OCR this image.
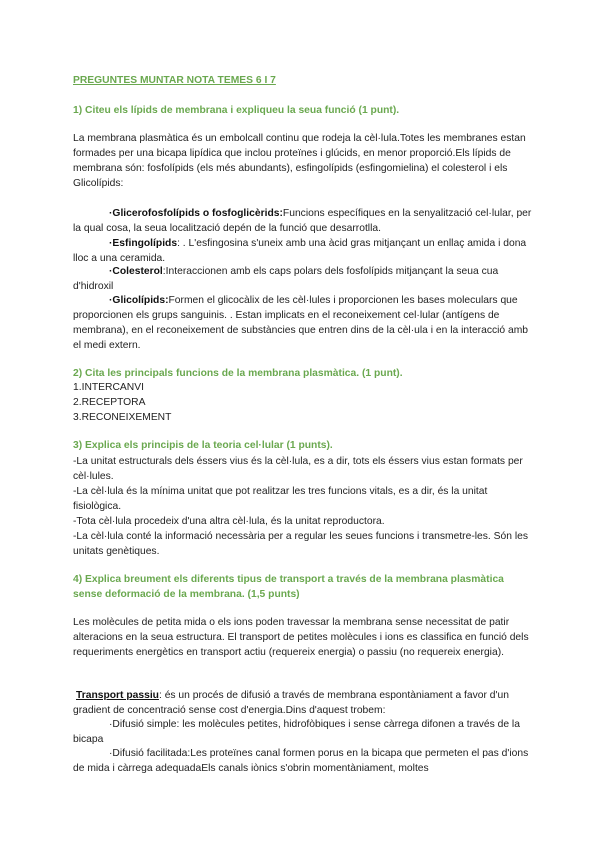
PREGUNTES MUNTAR NOTA TEMES 6 I 7

1) Citeu els lípids de membrana i expliqueu la seua funció (1 punt).

La membrana plasmàtica és un embolcall continu que rodeja la cèl·lula.Totes les membranes estan formades per una bicapa lipídica que inclou proteïnes i glúcids, en menor proporció.Els lípids de membrana són: fosfolípids (els més abundants), esfingolípids (esfingomielina) el colesterol i els Glicolípids:

·Glicerofosfolípids o fosfoglicèrids:Funcions específiques en la senyalització cel·lular, per la qual cosa, la seua localització depén de la funció que desarrotlla.

·Esfingolípids: . L'esfingosina s'uneix amb una àcid gras mitjançant un enllaç amida i dona lloc a una ceramida.

·Colesterol:Interaccionen amb els caps polars dels fosfolípids mitjançant la seua cua d'hidroxil

·Glicolípids:Formen el glicocàlix de les cèl·lules i proporcionen les bases moleculars que proporcionen els grups sanguinis. . Estan implicats en el reconeixement cel·lular (antígens de membrana), en el reconeixement de substàncies que entren dins de la cèl·ula i en la interacció amb el medi extern.

2) Cita les principals funcions de la membrana plasmàtica. (1 punt).

1.INTERCANVI
2.RECEPTORA
3.RECONEIXEMENT

3) Explica els principis de la teoria cel·lular (1 punts).

-La unitat estructurals dels éssers vius és la cèl·lula, es a dir, tots els éssers vius estan formats per cèl·lules.
-La cèl·lula és la mínima unitat que pot realitzar les tres funcions vitals, es a dir, és la unitat fisiològica.
-Tota cèl·lula procedeix d'una altra cèl·lula, és la unitat reproductora.
-La cèl·lula conté la informació necessària per a regular les seues funcions i transmetre-les. Són les unitats genètiques.

4) Explica breument els diferents tipus de transport a través de la membrana plasmàtica sense deformació de la membrana. (1,5 punts)

Les molècules de petita mida o els ions poden travessar la membrana sense necessitat de patir alteracions en la seua estructura. El transport de petites molècules i ions es classifica en funció dels requeriments energètics en transport actiu (requereix energia) o passiu (no requereix energia).

Transport passiu: és un procés de difusió a través de membrana espontàniament a favor d'un gradient de concentració sense cost d'energia.Dins d'aquest trobem:

·Difusió simple: les molècules petites, hidrofòbiques i sense càrrega difonen a través de la bicapa

·Difusió facilitada:Les proteïnes canal formen porus en la bicapa que permeten el pas d'ions de mida i càrrega adequadaEls canals iònics s'obrin momentàniament, moltes
